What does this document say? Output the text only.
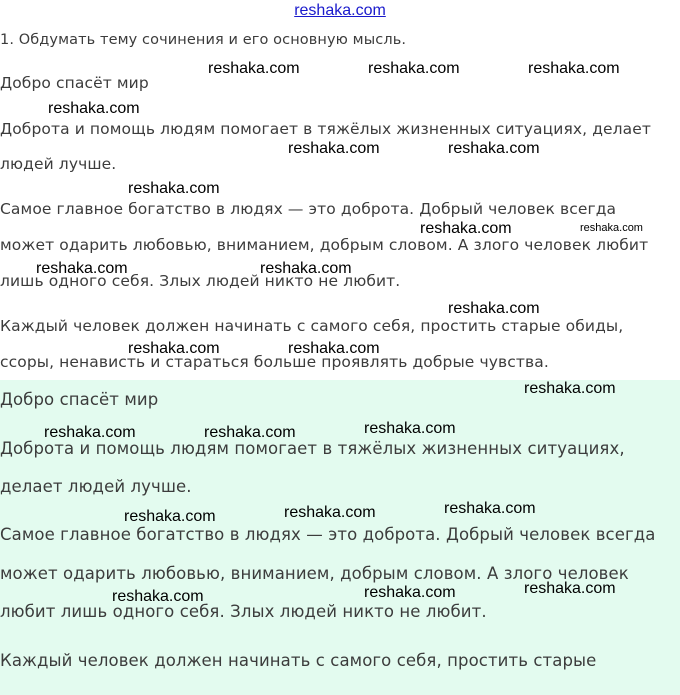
reshaka.com
1. Обдумать тему сочинения и его основную мысль.
Добро спасёт мир
Доброта и помощь людям помогает в тяжёлых жизненных ситуациях, делает
людей лучше.
Самое главное богатство в людях — это доброта. Добрый человек всегда
может одарить любовью, вниманием, добрым словом. А злого человек любит
лишь одного себя. Злых людей никто не любит.
Каждый человек должен начинать с самого себя, простить старые обиды,
ссоры, ненависть и стараться больше проявлять добрые чувства.
Добро спасёт мир
Доброта и помощь людям помогает в тяжёлых жизненных ситуациях,
делает людей лучше.
Самое главное богатство в людях — это доброта. Добрый человек всегда
может одарить любовью, вниманием, добрым словом. А злого человек
любит лишь одного себя. Злых людей никто не любит.
Каждый человек должен начинать с самого себя, простить старые
reshaka.com	reshaka.com	reshaka.com
reshaka.com
reshaka.com	reshaka.com
reshaka.com
reshaka.com	reshaka.com
reshaka.com	reshaka.com
reshaka.com
reshaka.com	reshaka.com
reshaka.com
reshaka.com
reshaka.com	reshaka.com
reshaka.com
reshaka.com
reshaka.com
reshaka.com
reshaka.com
reshaka.com
